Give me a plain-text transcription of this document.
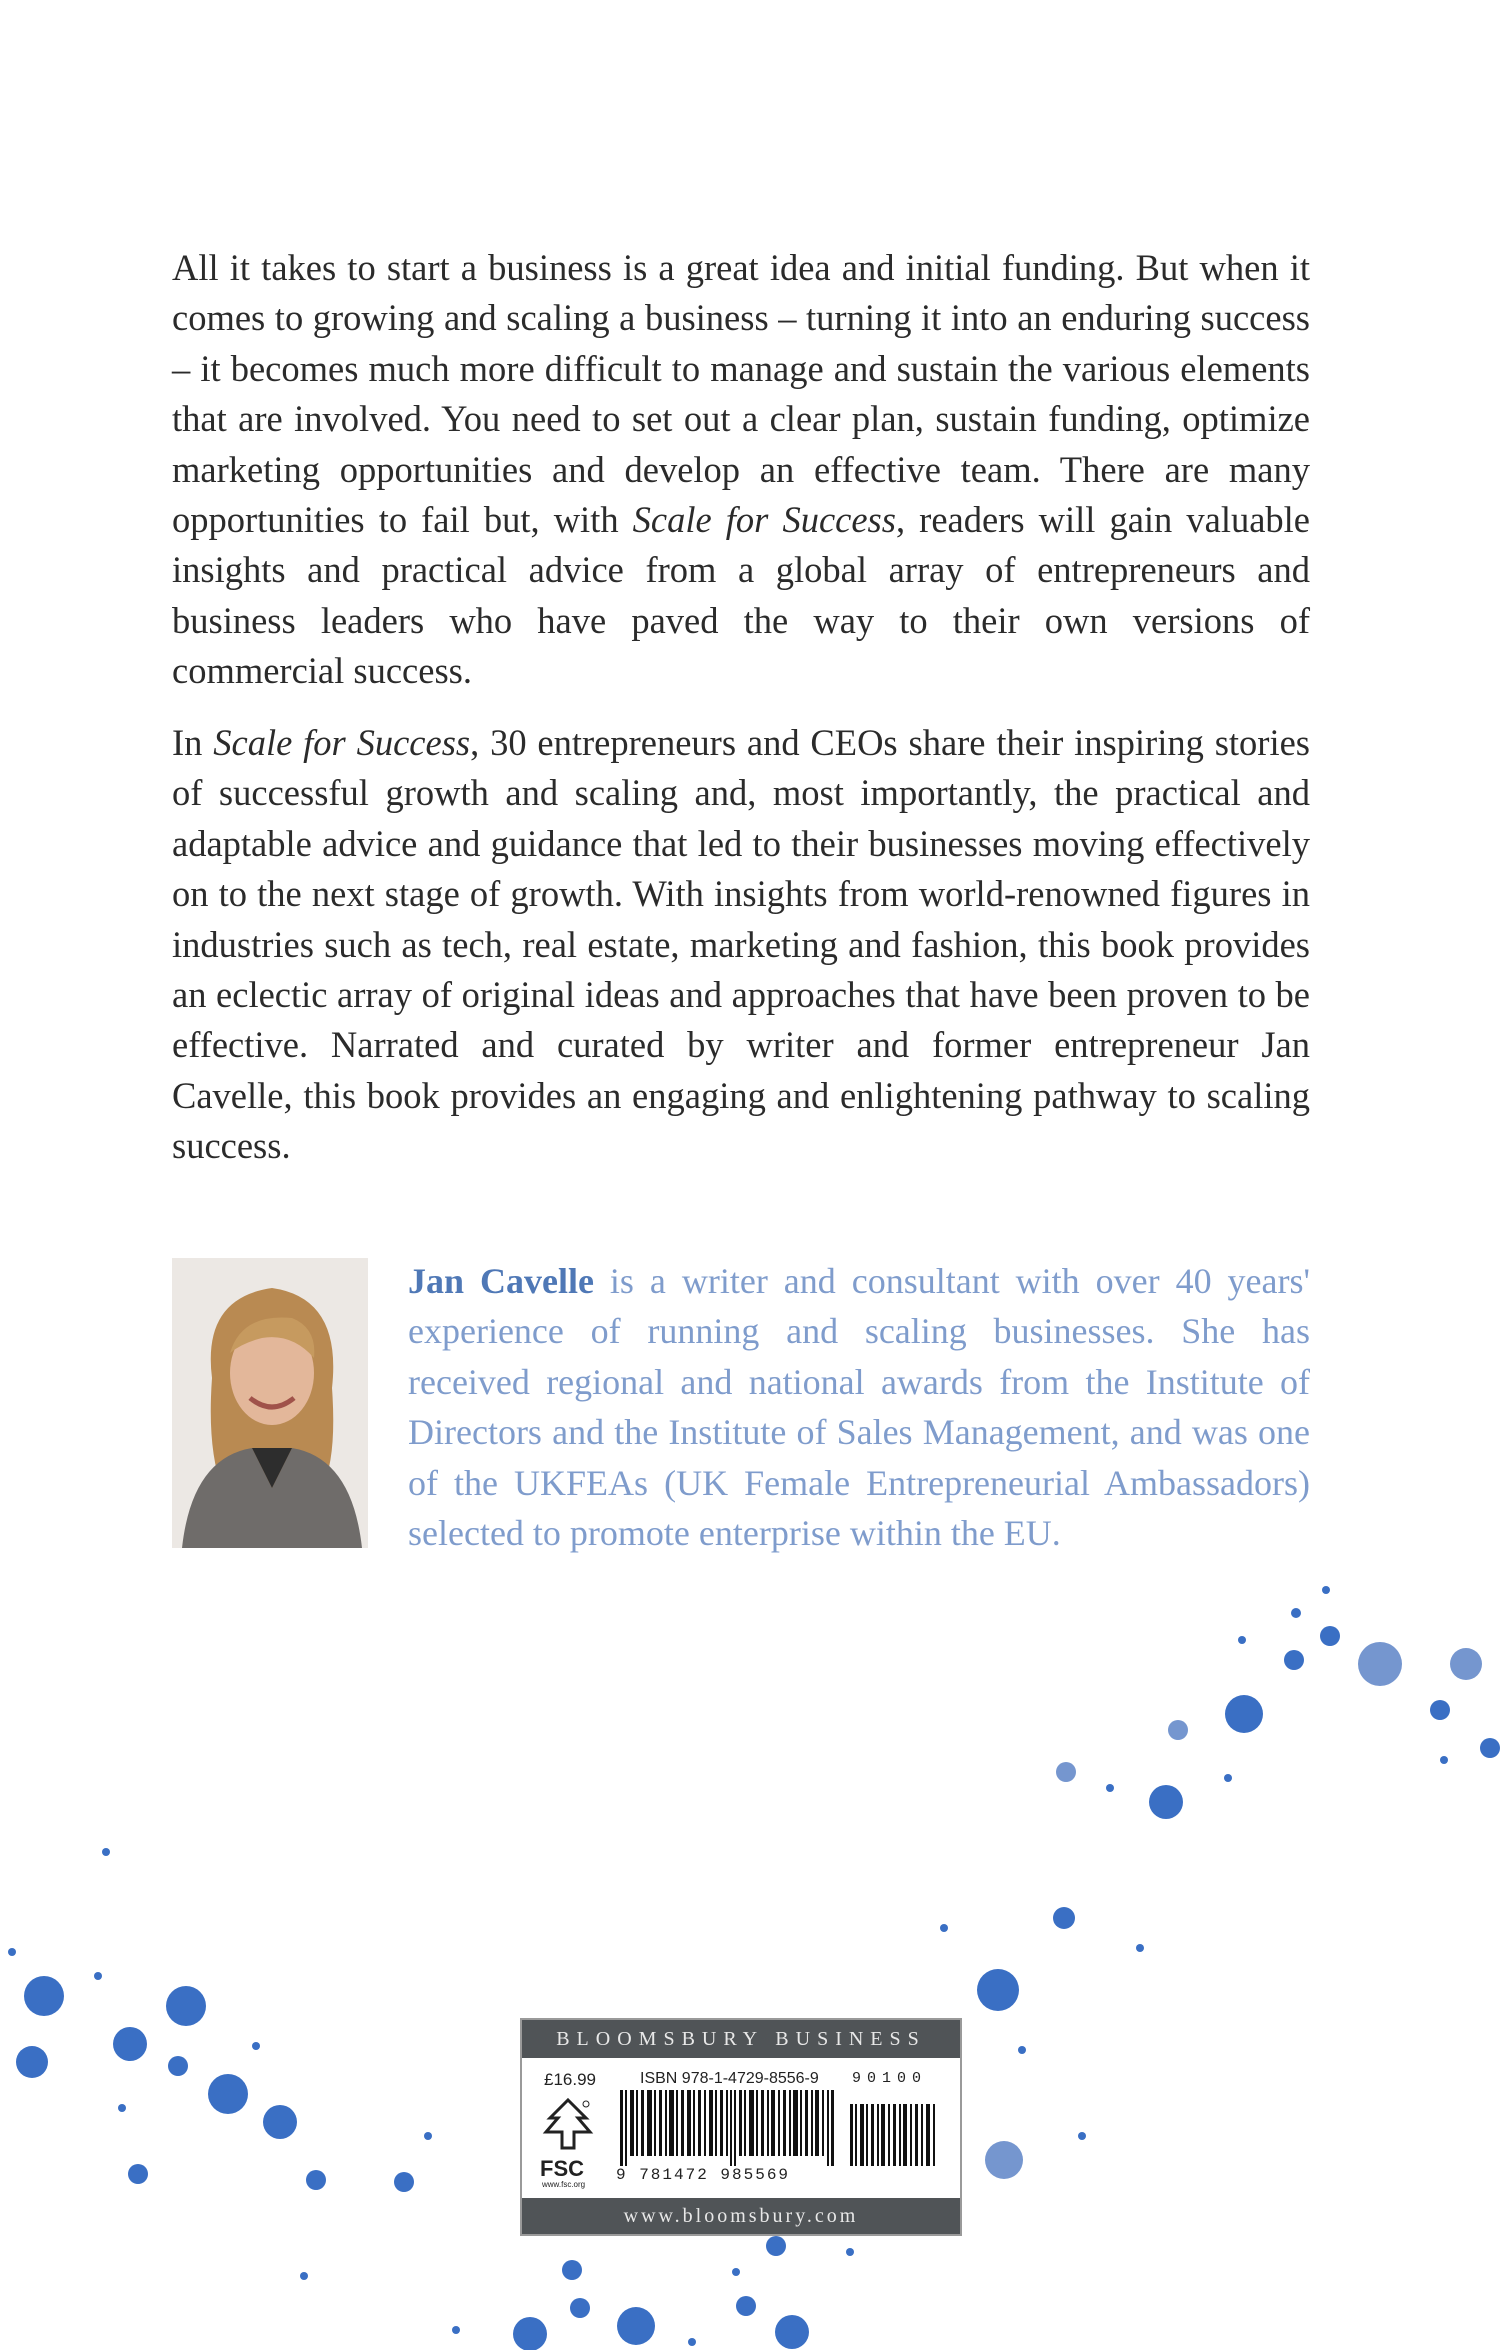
All it takes to start a business is a great idea and initial funding. But when it comes to growing and scaling a business – turning it into an enduring success – it becomes much more difficult to manage and sustain the various elements that are involved. You need to set out a clear plan, sustain funding, optimize marketing opportunities and develop an effective team. There are many opportunities to fail but, with Scale for Success, readers will gain valuable insights and practical advice from a global array of entrepreneurs and business leaders who have paved the way to their own versions of commercial success.

In Scale for Success, 30 entrepreneurs and CEOs share their inspiring stories of successful growth and scaling and, most importantly, the practical and adaptable advice and guidance that led to their businesses moving effectively on to the next stage of growth. With insights from world-renowned figures in industries such as tech, real estate, marketing and fashion, this book provides an eclectic array of original ideas and approaches that have been proven to be effective. Narrated and curated by writer and former entrepreneur Jan Cavelle, this book provides an engaging and enlightening pathway to scaling success.

Jan Cavelle is a writer and consultant with over 40 years' experience of running and scaling businesses. She has received regional and national awards from the Institute of Directors and the Institute of Sales Management, and was one of the UKFEAs (UK Female Entrepreneurial Ambassadors) selected to promote enterprise within the EU.
BLOOMSBURY BUSINESS
£16.99	ISBN 978-1-4729-8556-9 90100
FSC
www.fsc.org
9 781472 985569
www.bloomsbury.com
